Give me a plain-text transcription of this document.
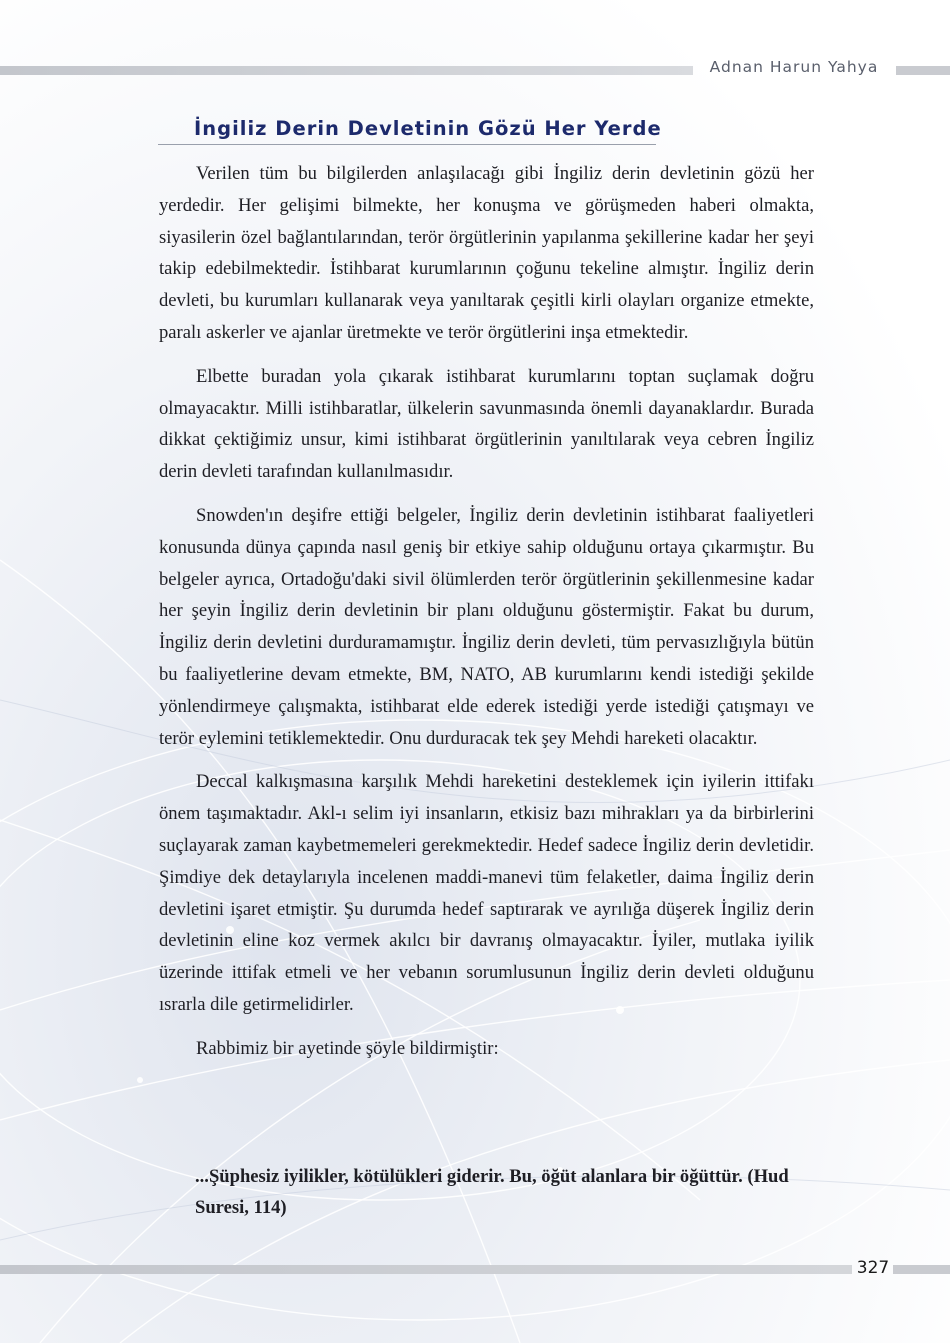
Adnan Harun Yahya
İngiliz Derin Devletinin Gözü Her Yerde

Verilen tüm bu bilgilerden anlaşılacağı gibi İngiliz derin devletinin gözü her yerdedir. Her gelişimi bilmekte, her konuşma ve görüşmeden haberi olmakta, siyasilerin özel bağlantılarından, terör örgütlerinin yapılanma şekillerine kadar her şeyi takip edebilmektedir. İstihbarat kurumlarının çoğunu tekeline almıştır. İngiliz derin devleti, bu kurumları kullanarak veya yanıltarak çeşitli kirli olayları organize etmekte, paralı askerler ve ajanlar üretmekte ve terör örgütlerini inşa etmektedir.

Elbette buradan yola çıkarak istihbarat kurumlarını toptan suçlamak doğru olmayacaktır. Milli istihbaratlar, ülkelerin savunmasında önemli dayanaklardır. Burada dikkat çektiğimiz unsur, kimi istihbarat örgütlerinin yanıltılarak veya cebren İngiliz derin devleti tarafından kullanılmasıdır.

Snowden'ın deşifre ettiği belgeler, İngiliz derin devletinin istihbarat faaliyetleri konusunda dünya çapında nasıl geniş bir etkiye sahip olduğunu ortaya çıkarmıştır. Bu belgeler ayrıca, Ortadoğu'daki sivil ölümlerden terör örgütlerinin şekillenmesine kadar her şeyin İngiliz derin devletinin bir planı olduğunu göstermiştir. Fakat bu durum, İngiliz derin devletini durduramamıştır. İngiliz derin devleti, tüm pervasızlığıyla bütün bu faaliyetlerine devam etmekte, BM, NATO, AB kurumlarını kendi istediği şekilde yönlendirmeye çalışmakta, istihbarat elde ederek istediği yerde istediği çatışmayı ve terör eylemini tetiklemektedir. Onu durduracak tek şey Mehdi hareketi olacaktır.

Deccal kalkışmasına karşılık Mehdi hareketini desteklemek için iyilerin ittifakı önem taşımaktadır. Akl-ı selim iyi insanların, etkisiz bazı mihrakları ya da birbirlerini suçlayarak zaman kaybetmemeleri gerekmektedir. Hedef sadece İngiliz derin devletidir. Şimdiye dek detaylarıyla incelenen maddi-manevi tüm felaketler, daima İngiliz derin devletini işaret etmiştir. Şu durumda hedef saptırarak ve ayrılığa düşerek İngiliz derin devletinin eline koz vermek akılcı bir davranış olmayacaktır. İyiler, mutlaka iyilik üzerinde ittifak etmeli ve her vebanın sorumlusunun İngiliz derin devleti olduğunu ısrarla dile getirmelidirler.

Rabbimiz bir ayetinde şöyle bildirmiştir:

...Şüphesiz iyilikler, kötülükleri giderir. Bu, öğüt alanlara bir öğüttür. (Hud Suresi, 114)
327
